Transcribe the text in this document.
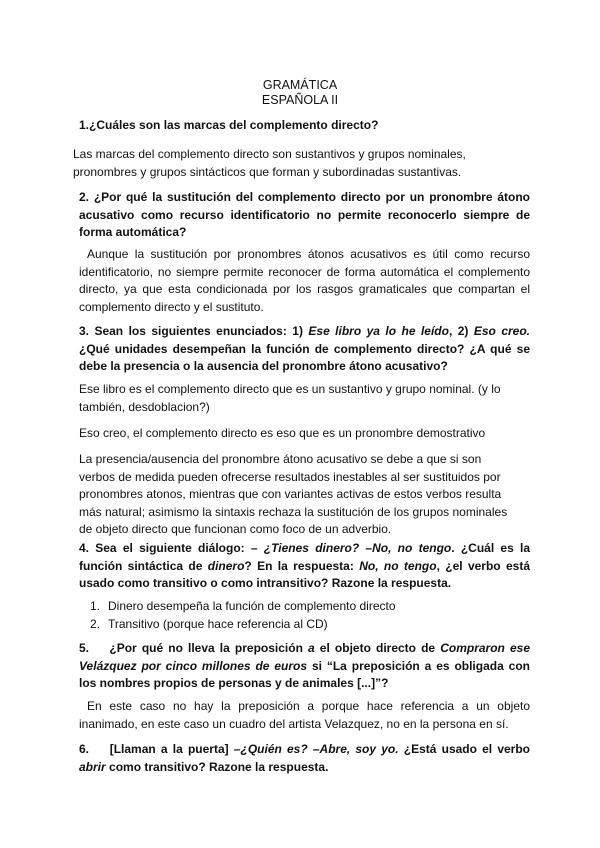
GRAMÁTICA
ESPAÑOLA II
1.¿Cuáles son las marcas del complemento directo?
Las marcas del complemento directo son sustantivos y grupos nominales, pronombres y grupos sintácticos que forman y subordinadas sustantivas.
2. ¿Por qué la sustitución del complemento directo por un pronombre átono acusativo como recurso identificatorio no permite reconocerlo siempre de forma automática?
Aunque la sustitución por pronombres átonos acusativos es útil como recurso identificatorio, no siempre permite reconocer de forma automática el complemento directo, ya que esta condicionada por los rasgos gramaticales que compartan el complemento directo y el sustituto.
3. Sean los siguientes enunciados: 1) Ese libro ya lo he leído, 2) Eso creo. ¿Qué unidades desempeñan la función de complemento directo? ¿A qué se debe la presencia o la ausencia del pronombre átono acusativo?
Ese libro es el complemento directo que es un sustantivo y grupo nominal. (y lo también, desdoblacion?)
Eso creo, el complemento directo es eso que es un pronombre demostrativo
La presencia/ausencia del pronombre átono acusativo se debe a que si son verbos de medida pueden ofrecerse resultados inestables al ser sustituidos por pronombres atonos, mientras que con variantes activas de estos verbos resulta más natural; asimismo la sintaxis rechaza la sustitución de los grupos nominales de objeto directo que funcionan como foco de un adverbio.
4. Sea el siguiente diálogo: – ¿Tienes dinero? –No, no tengo. ¿Cuál es la función sintáctica de dinero? En la respuesta: No, no tengo, ¿el verbo está usado como transitivo o como intransitivo? Razone la respuesta.
1. Dinero desempeña la función de complemento directo
2. Transitivo (porque hace referencia al CD)
5.    ¿Por qué no lleva la preposición a el objeto directo de Compraron ese Velázquez por cinco millones de euros si “La preposición a es obligada con los nombres propios de personas y de animales [...]”?
En este caso no hay la preposición a porque hace referencia a un objeto inanimado, en este caso un cuadro del artista Velazquez, no en la persona en sí.
6.    [Llaman a la puerta] –¿Quién es? –Abre, soy yo. ¿Está usado el verbo abrir como transitivo? Razone la respuesta.
